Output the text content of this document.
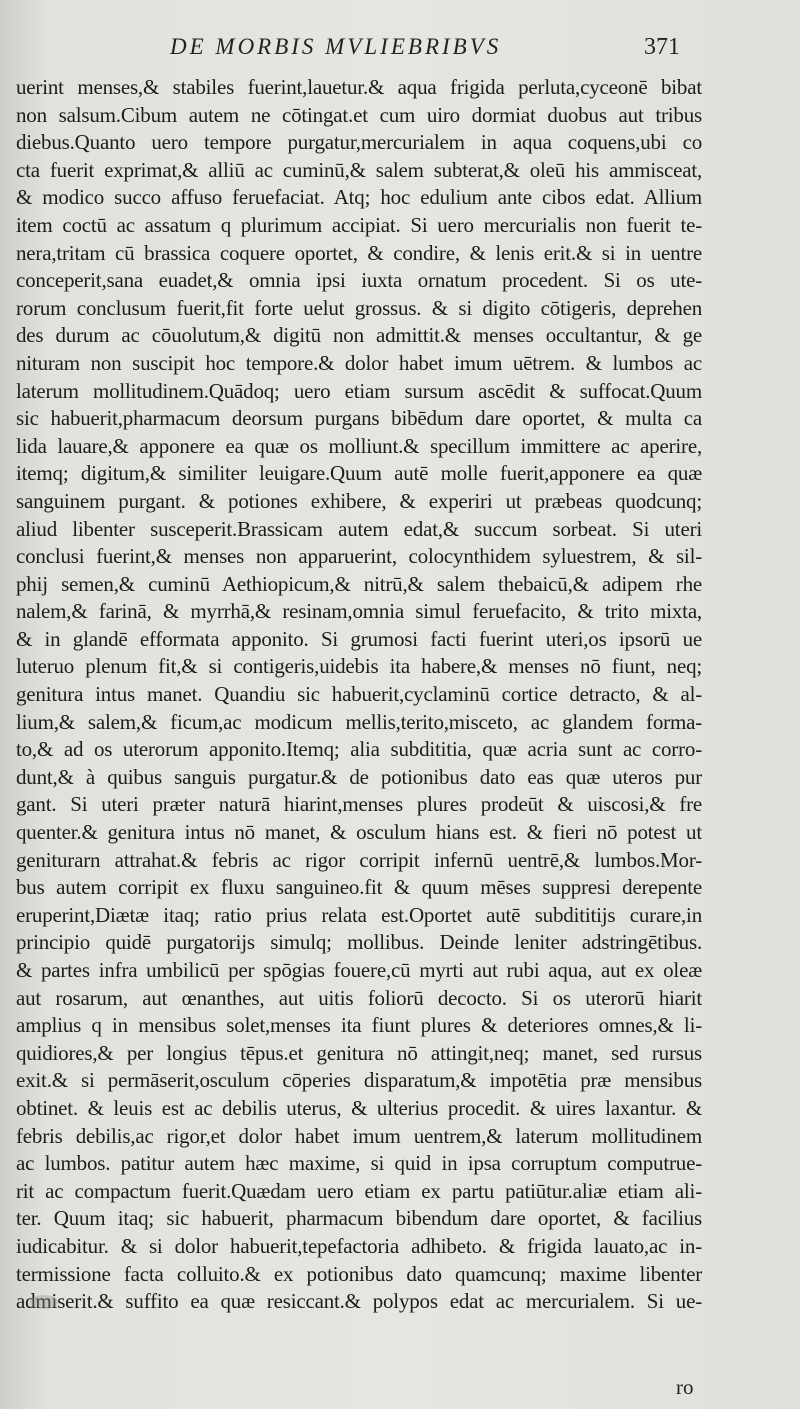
DE MORBIS MVLIEBRIBVS	371
uerint menses,& stabiles fuerint,lauetur.& aqua frigida perluta,cyceonē bibat
non salsum.Cibum autem ne cōtingat.et cum uiro dormiat duobus aut tribus
diebus.Quanto uero tempore purgatur,mercurialem in aqua coquens,ubi co
cta fuerit exprimat,& alliū ac cuminū,& salem subterat,& oleū his ammisceat,
& modico succo affuso feruefaciat. Atq; hoc edulium ante cibos edat. Allium
item coctū ac assatum q plurimum accipiat. Si uero mercurialis non fuerit te-
nera,tritam cū brassica coquere oportet, & condire, & lenis erit.& si in uentre
conceperit,sana euadet,& omnia ipsi iuxta ornatum procedent. Si os ute-
rorum conclusum fuerit,fit forte uelut grossus. & si digito cōtigeris, deprehen
des durum ac cōuolutum,& digitū non admittit.& menses occultantur, & ge
nituram non suscipit hoc tempore.& dolor habet imum uētrem. & lumbos ac
laterum mollitudinem.Quādoq; uero etiam sursum ascēdit & suffocat.Quum
sic habuerit,pharmacum deorsum purgans bibēdum dare oportet, & multa ca
lida lauare,& apponere ea quæ os molliunt.& specillum immittere ac aperire,
itemq; digitum,& similiter leuigare.Quum autē molle fuerit,apponere ea quæ
sanguinem purgant. & potiones exhibere, & experiri ut præbeas quodcunq;
aliud libenter susceperit.Brassicam autem edat,& succum sorbeat. Si uteri
conclusi fuerint,& menses non apparuerint, colocynthidem syluestrem, & sil-
phij semen,& cuminū Aethiopicum,& nitrū,& salem thebaicū,& adipem rhe
nalem,& farinā, & myrrhā,& resinam,omnia simul feruefacito, & trito mixta,
& in glandē efformata apponito. Si grumosi facti fuerint uteri,os ipsorū ue
luteruo plenum fit,& si contigeris,uidebis ita habere,& menses nō fiunt, neq;
genitura intus manet. Quandiu sic habuerit,cyclaminū cortice detracto, & al-
lium,& salem,& ficum,ac modicum mellis,terito,misceto, ac glandem forma-
to,& ad os uterorum apponito.Itemq; alia subdititia, quæ acria sunt ac corro-
dunt,& à quibus sanguis purgatur.& de potionibus dato eas quæ uteros pur
gant. Si uteri præter naturā hiarint,menses plures prodeūt & uiscosi,& fre
quenter.& genitura intus nō manet, & osculum hians est. & fieri nō potest ut
geniturarn attrahat.& febris ac rigor corripit infernū uentrē,& lumbos.Mor-
bus autem corripit ex fluxu sanguineo.fit & quum mēses suppresi derepente
eruperint,Diætæ itaq; ratio prius relata est.Oportet autē subdititijs curare,in
principio quidē purgatorijs simulq; mollibus. Deinde leniter adstringētibus.
& partes infra umbilicū per spōgias fouere,cū myrti aut rubi aqua, aut ex oleæ
aut rosarum, aut œnanthes, aut uitis foliorū decocto. Si os uterorū hiarit
amplius q in mensibus solet,menses ita fiunt plures & deteriores omnes,& li-
quidiores,& per longius tēpus.et genitura nō attingit,neq; manet, sed rursus
exit.& si permāserit,osculum cōperies disparatum,& impotētia præ mensibus
obtinet. & leuis est ac debilis uterus, & ulterius procedit. & uires laxantur. &
febris debilis,ac rigor,et dolor habet imum uentrem,& laterum mollitudinem
ac lumbos. patitur autem hæc maxime, si quid in ipsa corruptum computrue-
rit ac compactum fuerit.Quædam uero etiam ex partu patiūtur.aliæ etiam ali-
ter. Quum itaq; sic habuerit, pharmacum bibendum dare oportet, & facilius
iudicabitur. & si dolor habuerit,tepefactoria adhibeto. & frigida lauato,ac in-
termissione facta colluito.& ex potionibus dato quamcunq; maxime libenter
admiserit.& suffito ea quæ resiccant.& polypos edat ac mercurialem. Si ue-
ro
